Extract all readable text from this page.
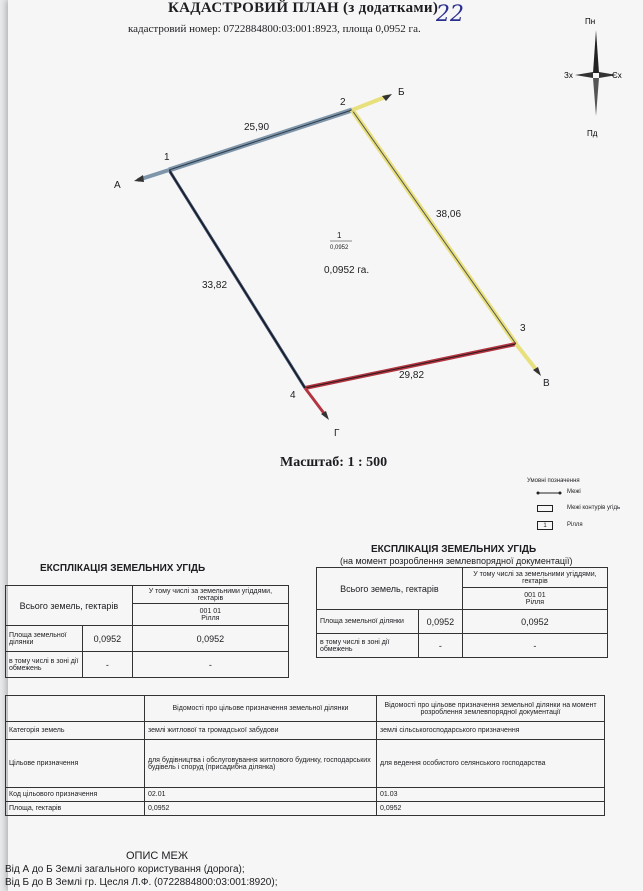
КАДАСТРОВИЙ ПЛАН (з додатками)
22
кадастровий номер: 0722884800:03:001:8923, площа 0,0952 га.
Пн
Пд
Зх	Сх
1
2
3
4
А
Б
В
Г
25,90
38,06
29,82
33,82
1
0,0952
0,0952 га.
Масштаб: 1 : 500
Умовні позначення
Межі
Межі контурів угідь
1	Рілля
ЕКСПЛІКАЦІЯ ЗЕМЕЛЬНИХ УГІДЬ
Всього земель, гектарів		У тому числі за земельними угіддями, гектарів
		001 01
Рілля
Площа земельної ділянки	0,0952	0,0952
в тому числі в зоні дії обмежень	-	-
ЕКСПЛІКАЦІЯ ЗЕМЕЛЬНИХ УГІДЬ
(на момент розроблення землевпорядної документації)
Всього земель, гектарів		У тому числі за земельними угіддями, гектарів
		001 01
Рілля
Площа земельної ділянки	0,0952	0,0952
в тому числі в зоні дії обмежень	-	-
	Відомості про цільове призначення земельної ділянки	Відомості про цільове призначення земельної ділянки на момент розроблення землевпорядної документації
Категорія земель	землі житлової та громадської забудови	землі сільськогосподарського призначення
Цільове призначення	для будівництва і обслуговування житлового будинку, господарських будівель і споруд (присадибна ділянка)	для ведення особистого селянського господарства
Код цільового призначення	02.01	01.03
Площа, гектарів	0,0952	0,0952
ОПИС МЕЖ
Від А до Б Землі загального користування (дорога);
Від Б до В Землі гр. Цесля Л.Ф. (0722884800:03:001:8920);
